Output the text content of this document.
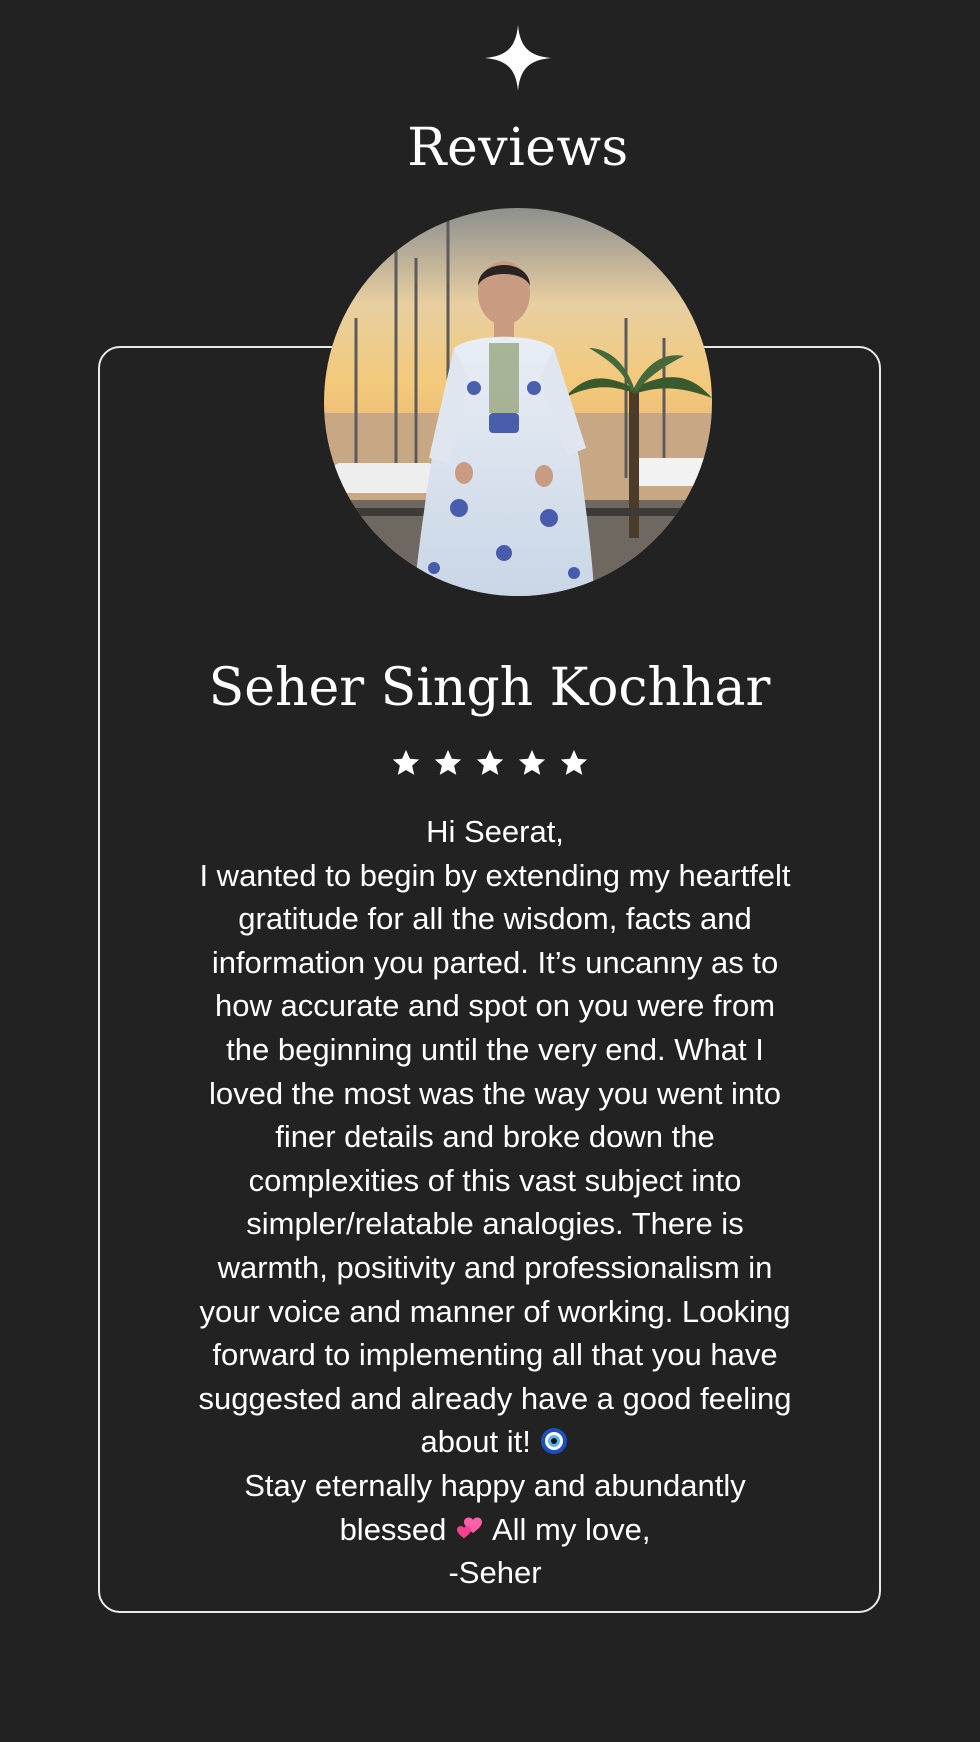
Reviews
Seher Singh Kochhar
Hi Seerat,
I wanted to begin by extending my heartfelt
gratitude for all the wisdom, facts and
information you parted. It’s uncanny as to
how accurate and spot on you were from
the beginning until the very end. What I
loved the most was the way you went into
finer details and broke down the
complexities of this vast subject into
simpler/relatable analogies. There is
warmth, positivity and professionalism in
your voice and manner of working. Looking
forward to implementing all that you have
suggested and already have a good feeling
about it!
Stay eternally happy and abundantly
blessed All my love,
-Seher
